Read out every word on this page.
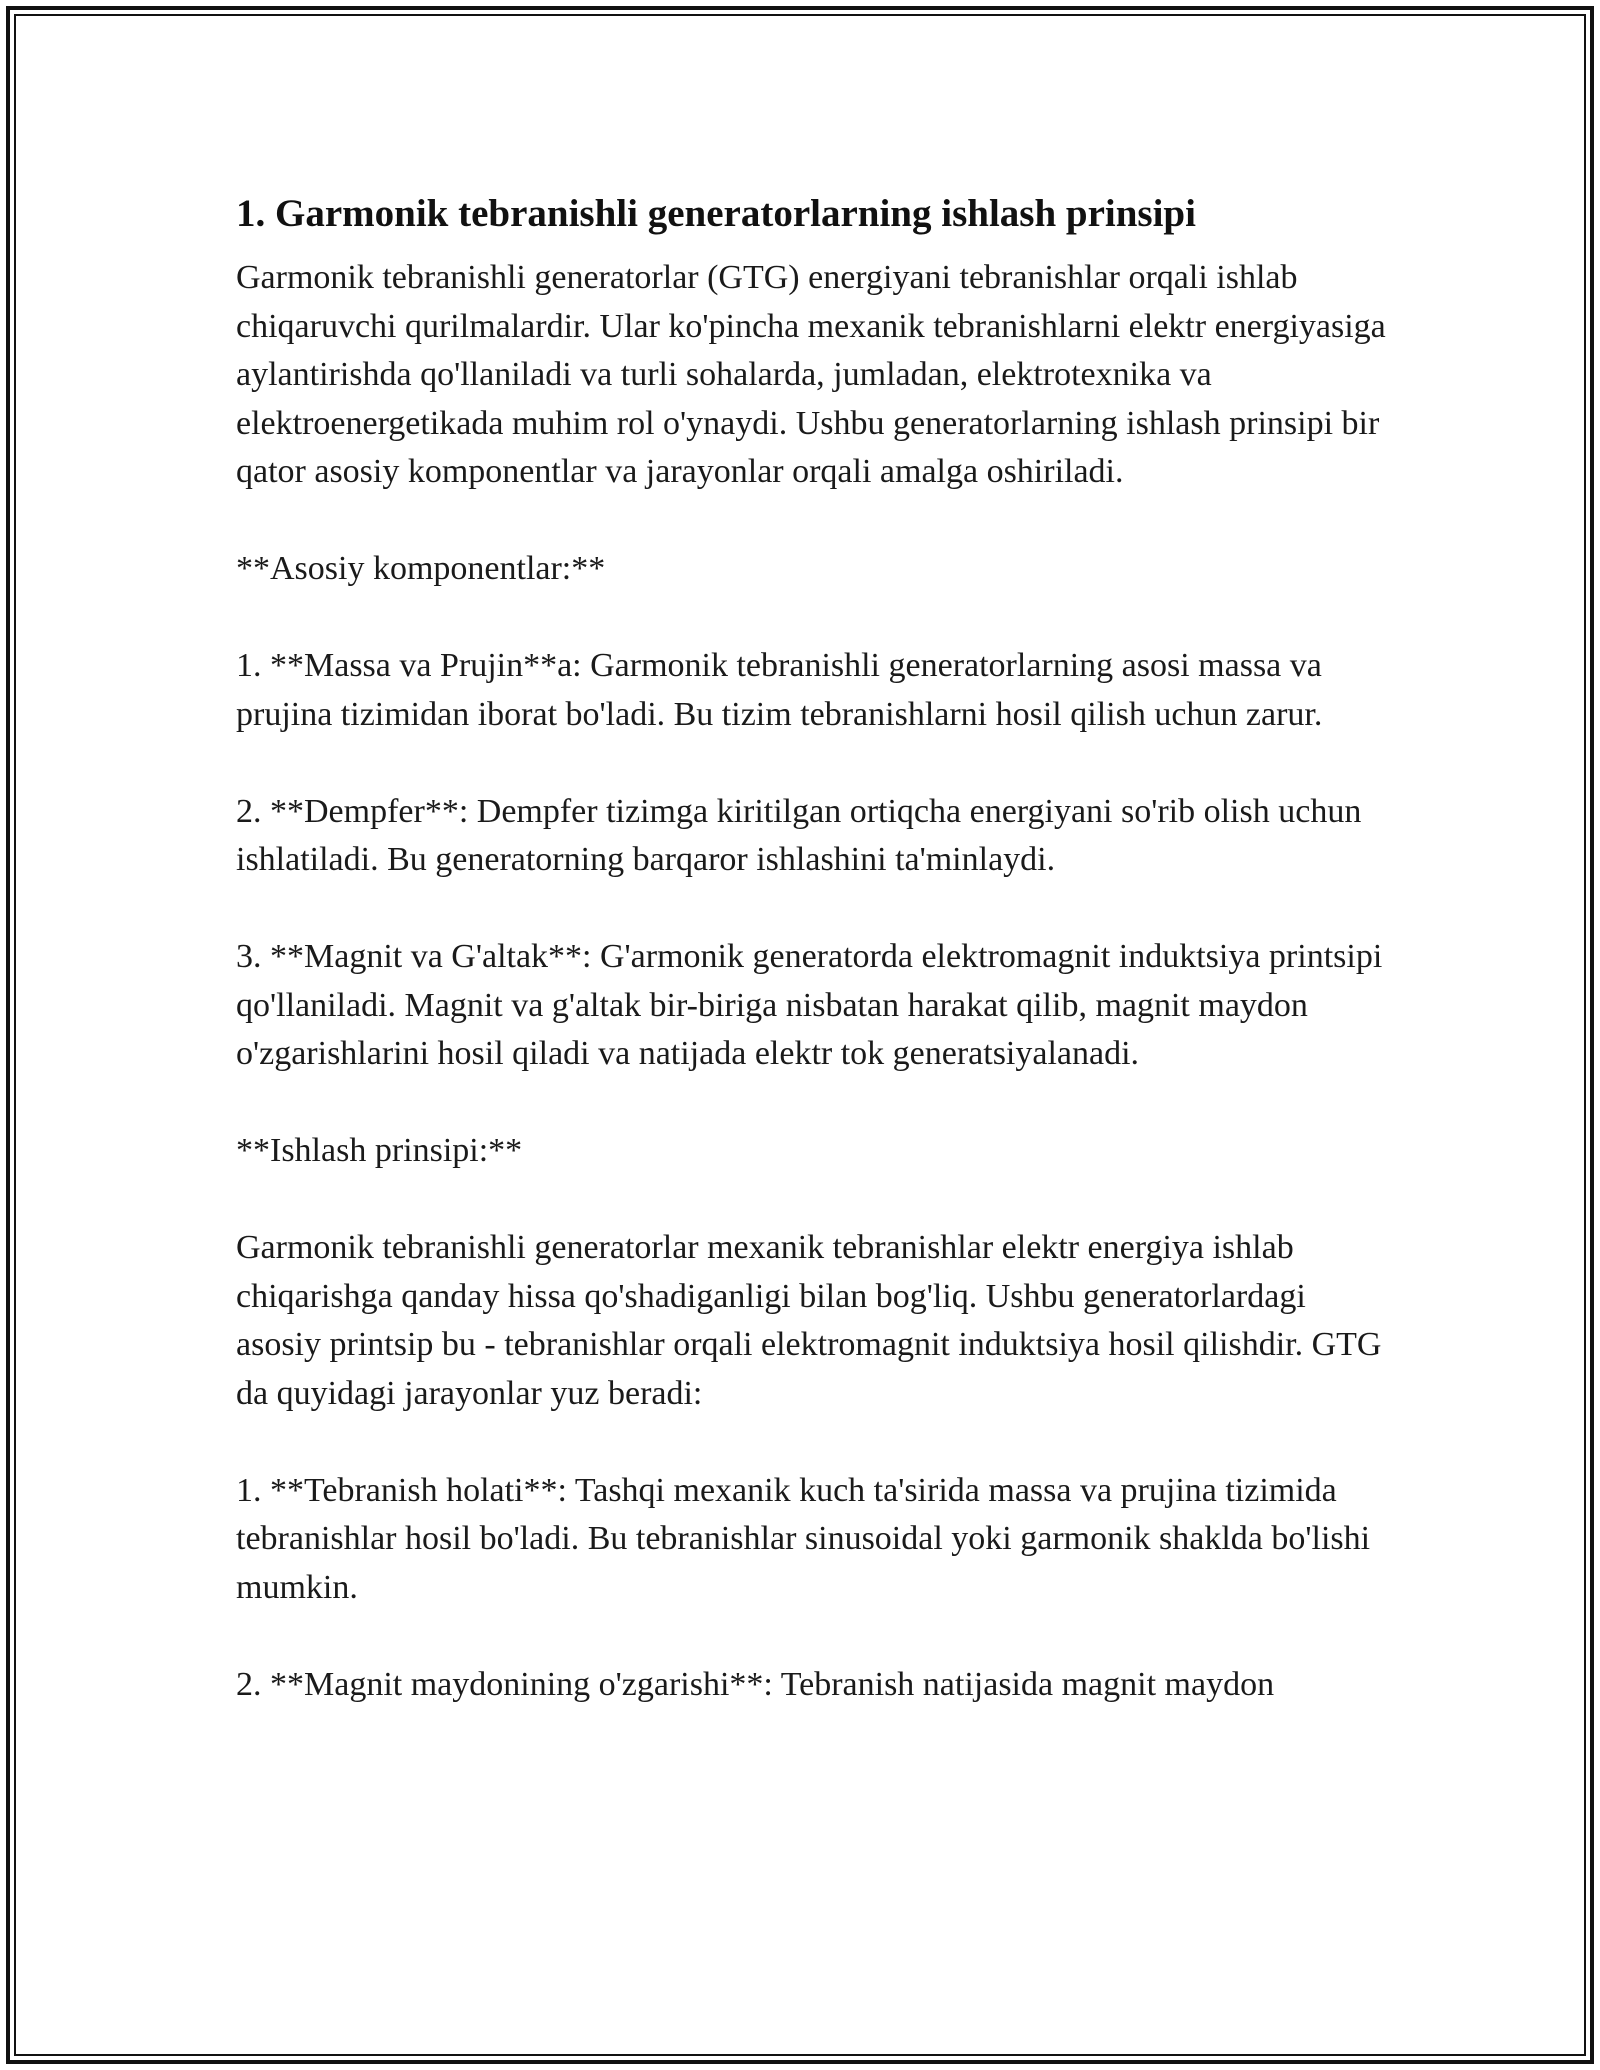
1. Garmonik tebranishli generatorlarning ishlash prinsipi

Garmonik tebranishli generatorlar (GTG) energiyani tebranishlar orqali ishlab chiqaruvchi qurilmalardir. Ular ko'pincha mexanik tebranishlarni elektr energiyasiga aylantirishda qo'llaniladi va turli sohalarda, jumladan, elektrotexnika va elektroenergetikada muhim rol o'ynaydi. Ushbu generatorlarning ishlash prinsipi bir qator asosiy komponentlar va jarayonlar orqali amalga oshiriladi.

**Asosiy komponentlar:**

1. **Massa va Prujin**a: Garmonik tebranishli generatorlarning asosi massa va prujina tizimidan iborat bo'ladi. Bu tizim tebranishlarni hosil qilish uchun zarur.

2. **Dempfer**: Dempfer tizimga kiritilgan ortiqcha energiyani so'rib olish uchun ishlatiladi. Bu generatorning barqaror ishlashini ta'minlaydi.

3. **Magnit va G'altak**: G'armonik generatorda elektromagnit induktsiya printsipi qo'llaniladi. Magnit va g'altak bir-biriga nisbatan harakat qilib, magnit maydon o'zgarishlarini hosil qiladi va natijada elektr tok generatsiyalanadi.

**Ishlash prinsipi:**

Garmonik tebranishli generatorlar mexanik tebranishlar elektr energiya ishlab chiqarishga qanday hissa qo'shadiganligi bilan bog'liq. Ushbu generatorlardagi asosiy printsip bu - tebranishlar orqali elektromagnit induktsiya hosil qilishdir. GTG da quyidagi jarayonlar yuz beradi:

1. **Tebranish holati**: Tashqi mexanik kuch ta'sirida massa va prujina tizimida tebranishlar hosil bo'ladi. Bu tebranishlar sinusoidal yoki garmonik shaklda bo'lishi mumkin.

2. **Magnit maydonining o'zgarishi**: Tebranish natijasida magnit maydon
